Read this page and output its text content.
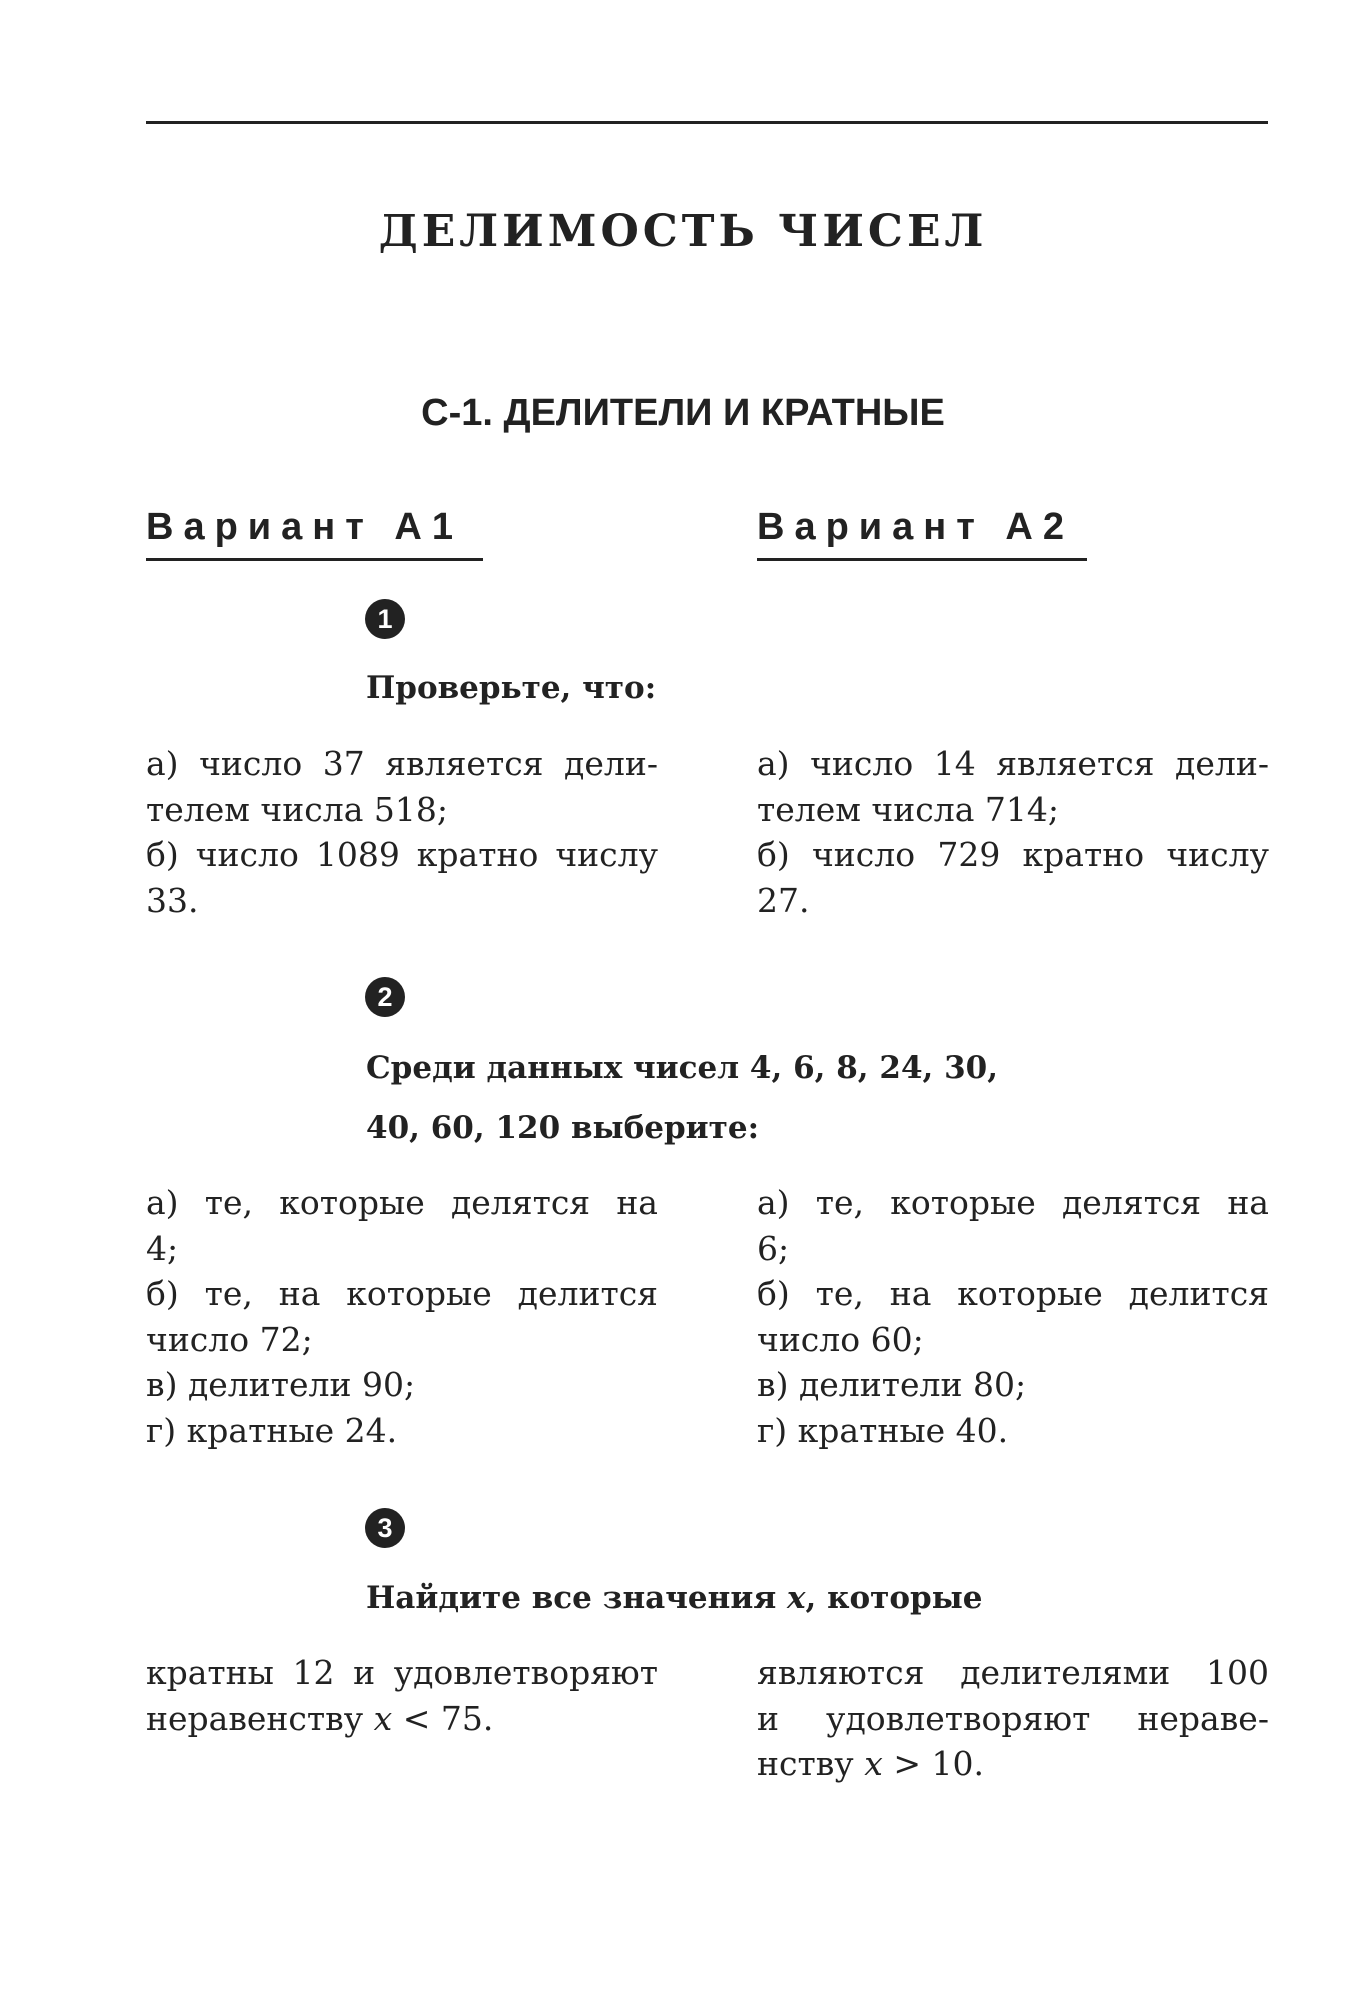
ДЕЛИМОСТЬ ЧИСЕЛ
С-1. ДЕЛИТЕЛИ И КРАТНЫЕ
Вариант А1	Вариант А2
1
Проверьте, что:
а) число 37 является дели-
телем числа 518;
б) число 1089 кратно числу
33.
а) число 14 является дели-
телем числа 714;
б) число 729 кратно числу
27.
2
Среди данных чисел 4, 6, 8, 24, 30,
40, 60, 120 выберите:
а) те, которые делятся на
4;
б) те, на которые делится
число 72;
в) делители 90;
г) кратные 24.
а) те, которые делятся на
6;
б) те, на которые делится
число 60;
в) делители 80;
г) кратные 40.
3
Найдите все значения x, которые
кратны 12 и удовлетворяют
неравенству x < 75.
являются делителями 100
и удовлетворяют нераве-
нству x > 10.
